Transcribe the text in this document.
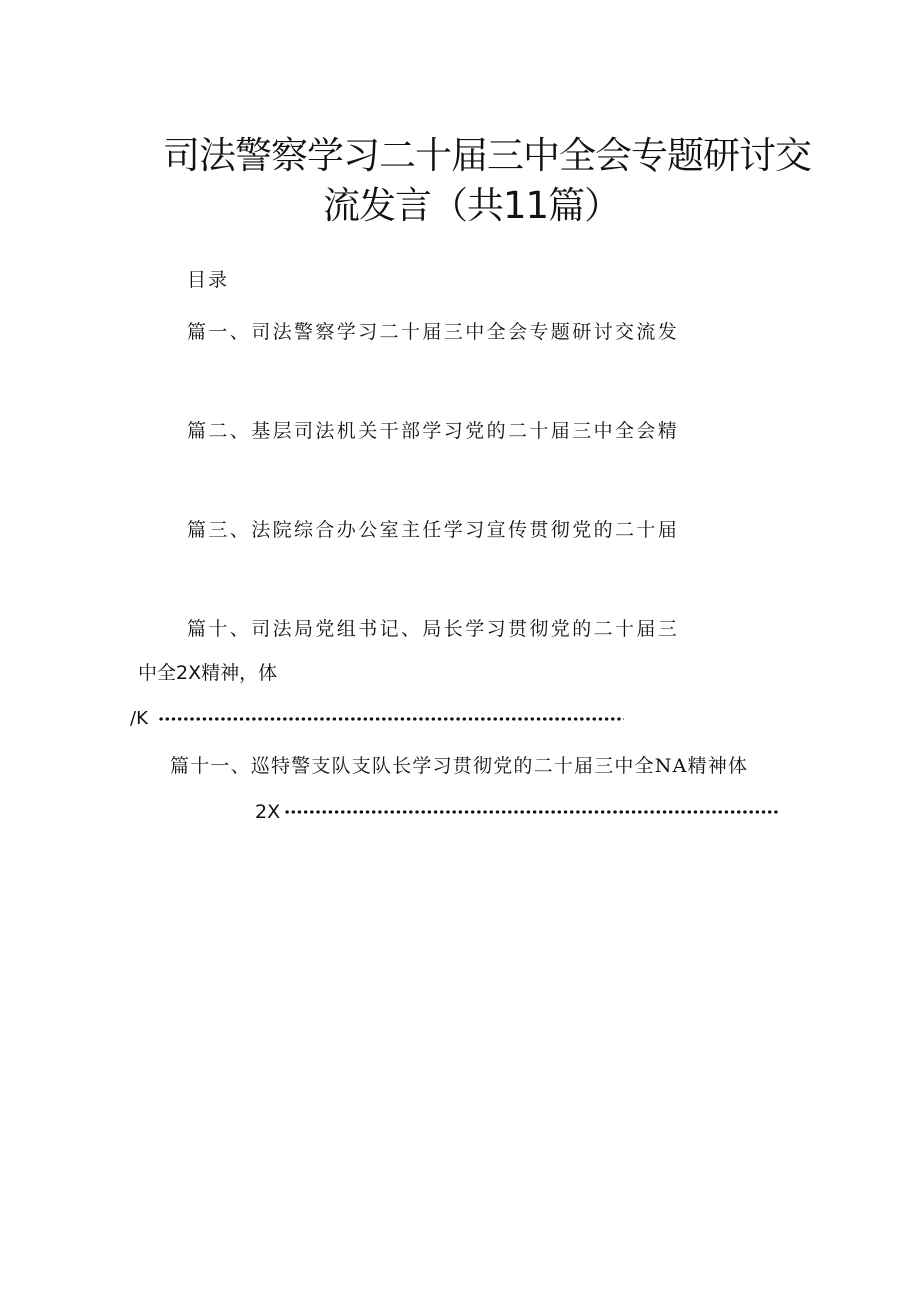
司法警察学习二十届三中全会专题研讨交
流发言（共11篇）
目录
篇一、司法警察学习二十届三中全会专题研讨交流发
篇二、基层司法机关干部学习党的二十届三中全会精
篇三、法院综合办公室主任学习宣传贯彻党的二十届
篇十、司法局党组书记、局长学习贯彻党的二十届三
中全2X精神，体
/K
篇十一、巡特警支队支队长学习贯彻党的二十届三中全NA精神体
2X
